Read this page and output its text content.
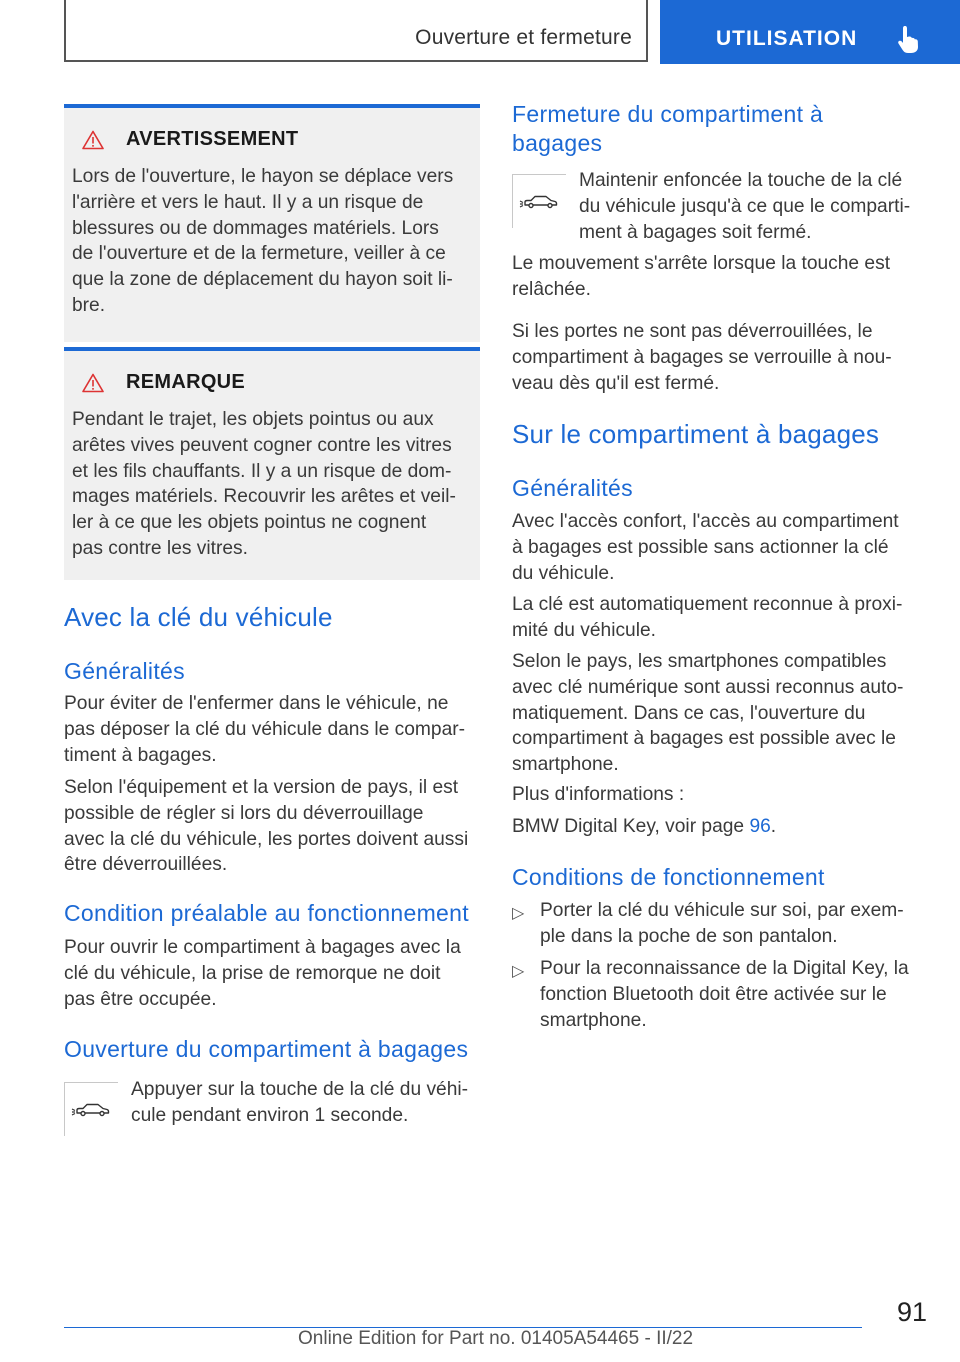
Ouverture et fermeture	UTILISATION
AVERTISSEMENT
Lors de l'ouverture, le hayon se déplace vers
l'arrière et vers le haut. Il y a un risque de
blessures ou de dommages matériels. Lors
de l'ouverture et de la fermeture, veiller à ce
que la zone de déplacement du hayon soit li-
bre.
REMARQUE
Pendant le trajet, les objets pointus ou aux
arêtes vives peuvent cogner contre les vitres
et les fils chauffants. Il y a un risque de dom-
mages matériels. Recouvrir les arêtes et veil-
ler à ce que les objets pointus ne cognent
pas contre les vitres.
Avec la clé du véhicule
Généralités
Pour éviter de l'enfermer dans le véhicule, ne
pas déposer la clé du véhicule dans le compar-
timent à bagages.
Selon l'équipement et la version de pays, il est
possible de régler si lors du déverrouillage
avec la clé du véhicule, les portes doivent aussi
être déverrouillées.
Condition préalable au fonctionnement
Pour ouvrir le compartiment à bagages avec la
clé du véhicule, la prise de remorque ne doit
pas être occupée.
Ouverture du compartiment à bagages
Appuyer sur la touche de la clé du véhi-
cule pendant environ 1 seconde.
Fermeture du compartiment à
bagages
Maintenir enfoncée la touche de la clé
du véhicule jusqu'à ce que le comparti-
ment à bagages soit fermé.
Le mouvement s'arrête lorsque la touche est
relâchée.
Si les portes ne sont pas déverrouillées, le
compartiment à bagages se verrouille à nou-
veau dès qu'il est fermé.
Sur le compartiment à bagages
Généralités
Avec l'accès confort, l'accès au compartiment
à bagages est possible sans actionner la clé
du véhicule.
La clé est automatiquement reconnue à proxi-
mité du véhicule.
Selon le pays, les smartphones compatibles
avec clé numérique sont aussi reconnus auto-
matiquement. Dans ce cas, l'ouverture du
compartiment à bagages est possible avec le
smartphone.
Plus d'informations :
BMW Digital Key, voir page 96.
Conditions de fonctionnement
▷ Porter la clé du véhicule sur soi, par exem-
ple dans la poche de son pantalon.
▷ Pour la reconnaissance de la Digital Key, la
fonction Bluetooth doit être activée sur le
smartphone.
91
Online Edition for Part no. 01405A54465 - II/22
